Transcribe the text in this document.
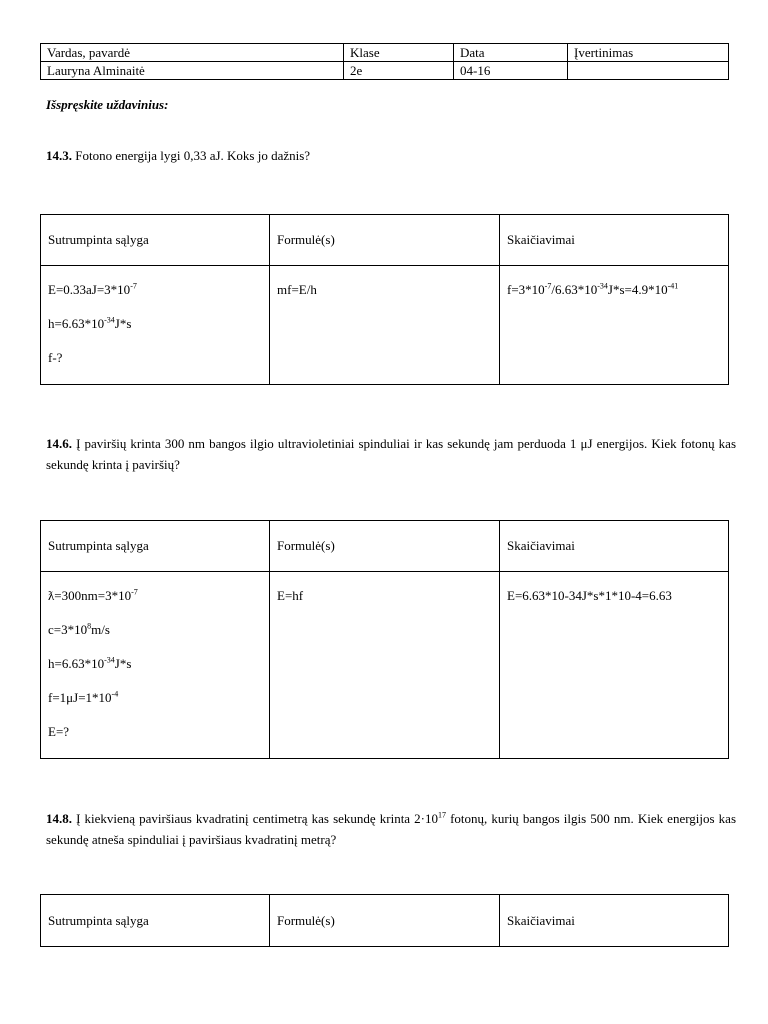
Vardas, pavardė	Klase	Data	Įvertinimas
Lauryna Alminaitė	2e	04-16	
Išspręskite uždavinius:
14.3. Fotono energija lygi 0,33 aJ. Koks jo dažnis?
Sutrumpinta sąlyga	Formulė(s)	Skaičiavimai

$E=0.33aJ=3*10^{-7}$
$h=6.63*10^{-34}J*s$
f-?	mf=E/h	$f=3*10^{-7}/6.63*10^{-34}J*s=4.9*10^{-41}$
14.6. Į paviršių krinta 300 nm bangos ilgio ultravioletiniai spinduliai ir kas sekundę jam perduoda 1 μJ energijos. Kiek fotonų kas sekundę krinta į paviršių?
Sutrumpinta sąlyga	Formulė(s)	Skaičiavimai

$ƛ=300nm=3*10^{-7}$
$c=3*10^8m/s$
$h=6.63*10^{-34}J*s$
$f=1\mu J=1*10^{-4}$
E=?	E=hf	E=6.63*10-34J*s*1*10-4=6.63
14.8. Į kiekvieną paviršiaus kvadratinį centimetrą kas sekundę krinta $2\cdot 10^{17}$ fotonų, kurių bangos ilgis 500 nm. Kiek energijos kas sekundę atneša spinduliai į paviršiaus kvadratinį metrą?
Sutrumpinta sąlyga	Formulė(s)	Skaičiavimai
